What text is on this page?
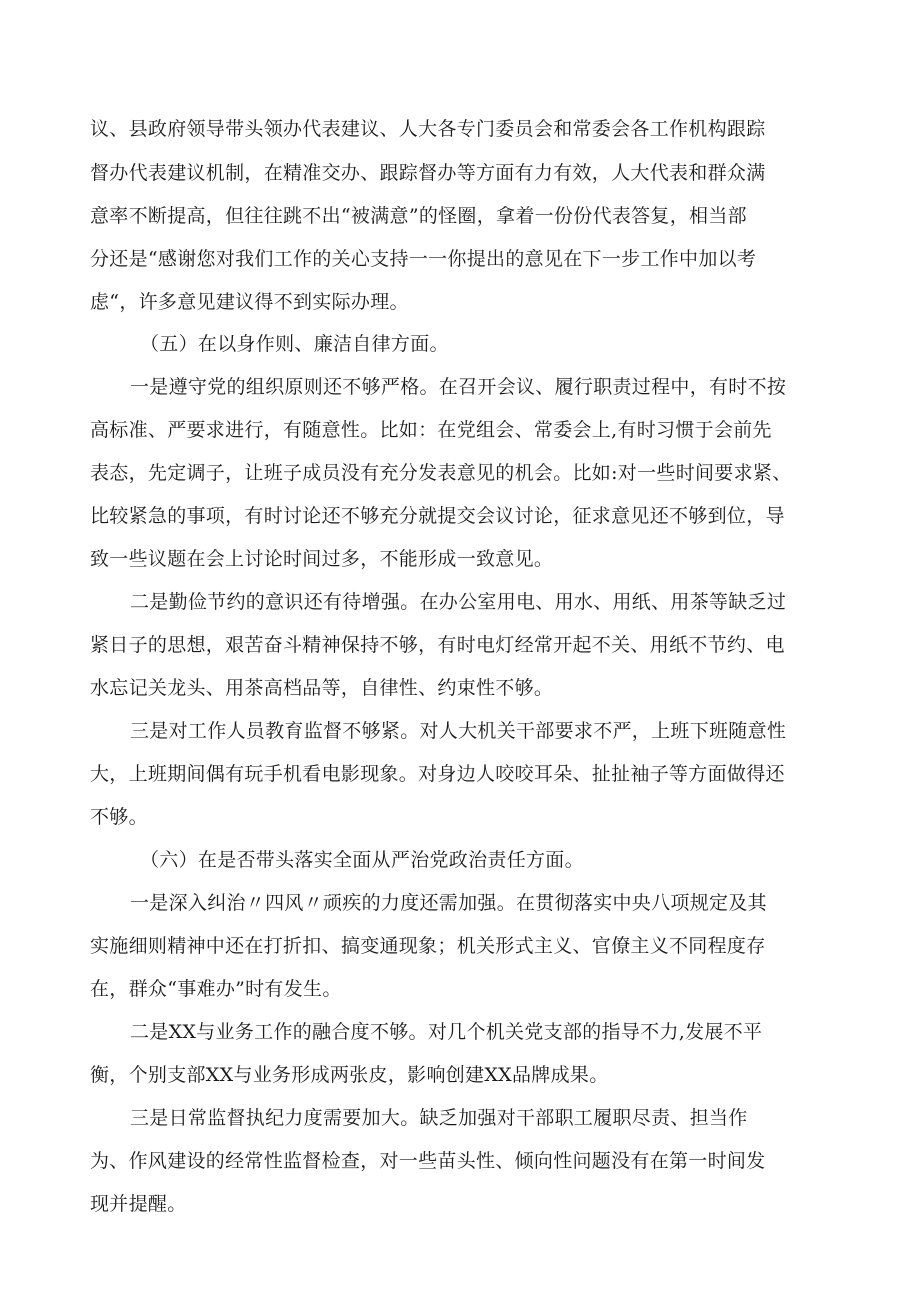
议、县政府领导带头领办代表建议、人大各专门委员会和常委会各工作机构跟踪
督办代表建议机制，在精准交办、跟踪督办等方面有力有效，人大代表和群众满
意率不断提高，但往往跳不出“被满意”的怪圈，拿着一份份代表答复，相当部
分还是“感谢您对我们工作的关心支持一一你提出的意见在下一步工作中加以考
虑“，许多意见建议得不到实际办理。
（五）在以身作则、廉洁自律方面。
一是遵守党的组织原则还不够严格。在召开会议、履行职责过程中，有时不按
高标准、严要求进行，有随意性。比如：在党组会、常委会上,有时习惯于会前先
表态，先定调子，让班子成员没有充分发表意见的机会。比如:对一些时间要求紧、
比较紧急的事项，有时讨论还不够充分就提交会议讨论，征求意见还不够到位，导
致一些议题在会上讨论时间过多，不能形成一致意见。
二是勤俭节约的意识还有待增强。在办公室用电、用水、用纸、用茶等缺乏过
紧日子的思想，艰苦奋斗精神保持不够，有时电灯经常开起不关、用纸不节约、电
水忘记关龙头、用茶高档品等，自律性、约束性不够。
三是对工作人员教育监督不够紧。对人大机关干部要求不严，上班下班随意性
大，上班期间偶有玩手机看电影现象。对身边人咬咬耳朵、扯扯袖子等方面做得还
不够。
（六）在是否带头落实全面从严治党政治责任方面。
一是深入纠治〃四风〃顽疾的力度还需加强。在贯彻落实中央八项规定及其
实施细则精神中还在打折扣、搞变通现象；机关形式主义、官僚主义不同程度存
在，群众“事难办”时有发生。
二是XX与业务工作的融合度不够。对几个机关党支部的指导不力,发展不平
衡，个别支部XX与业务形成两张皮，影响创建XX品牌成果。
三是日常监督执纪力度需要加大。缺乏加强对干部职工履职尽责、担当作
为、作风建设的经常性监督检查，对一些苗头性、倾向性问题没有在第一时间发
现并提醒。
